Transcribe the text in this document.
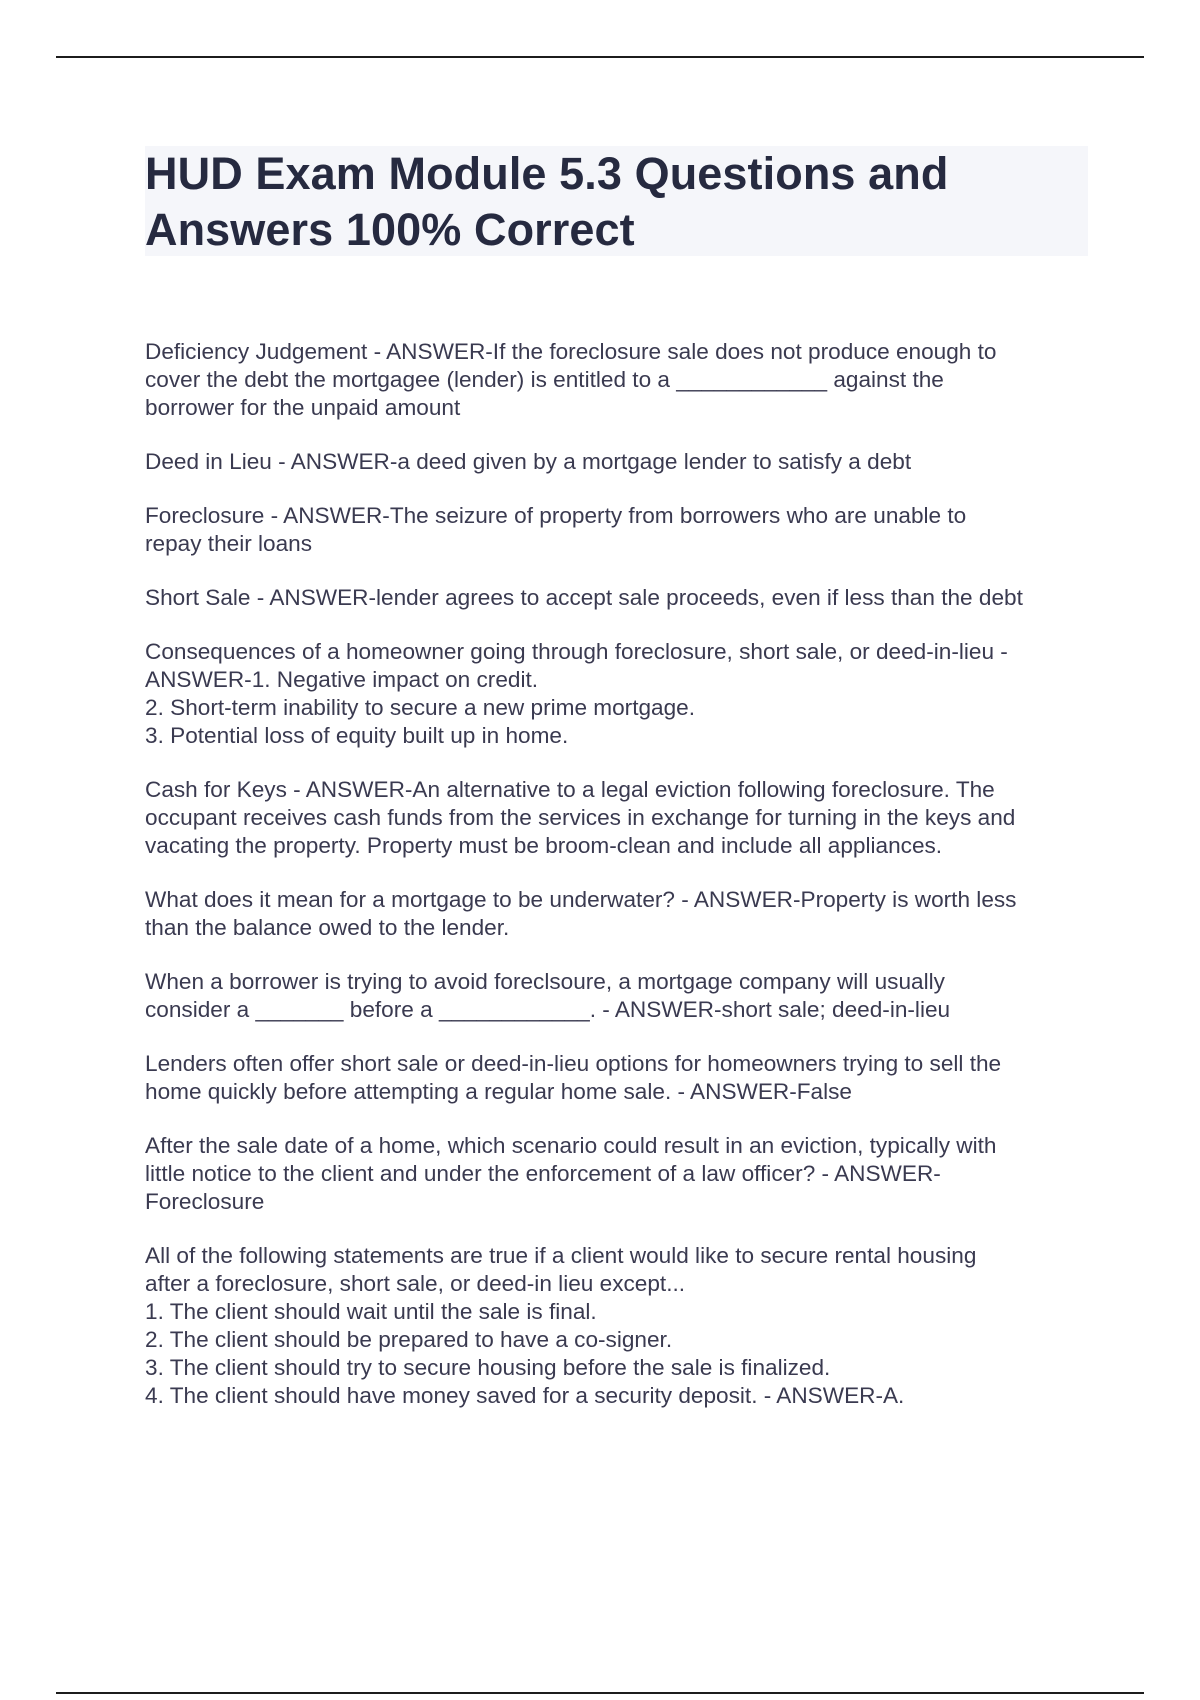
HUD Exam Module 5.3 Questions and Answers 100% Correct

Deficiency Judgement - ANSWER-If the foreclosure sale does not produce enough to
cover the debt the mortgagee (lender) is entitled to a ____________ against the
borrower for the unpaid amount

Deed in Lieu - ANSWER-a deed given by a mortgage lender to satisfy a debt

Foreclosure - ANSWER-The seizure of property from borrowers who are unable to
repay their loans

Short Sale - ANSWER-lender agrees to accept sale proceeds, even if less than the debt

Consequences of a homeowner going through foreclosure, short sale, or deed-in-lieu -
ANSWER-1. Negative impact on credit.
2. Short-term inability to secure a new prime mortgage.
3. Potential loss of equity built up in home.

Cash for Keys - ANSWER-An alternative to a legal eviction following foreclosure. The
occupant receives cash funds from the services in exchange for turning in the keys and
vacating the property. Property must be broom-clean and include all appliances.

What does it mean for a mortgage to be underwater? - ANSWER-Property is worth less
than the balance owed to the lender.

When a borrower is trying to avoid foreclsoure, a mortgage company will usually
consider a _______ before a ____________. - ANSWER-short sale; deed-in-lieu

Lenders often offer short sale or deed-in-lieu options for homeowners trying to sell the
home quickly before attempting a regular home sale. - ANSWER-False

After the sale date of a home, which scenario could result in an eviction, typically with
little notice to the client and under the enforcement of a law officer? - ANSWER-
Foreclosure

All of the following statements are true if a client would like to secure rental housing
after a foreclosure, short sale, or deed-in lieu except...
1. The client should wait until the sale is final.
2. The client should be prepared to have a co-signer.
3. The client should try to secure housing before the sale is finalized.
4. The client should have money saved for a security deposit. - ANSWER-A.
